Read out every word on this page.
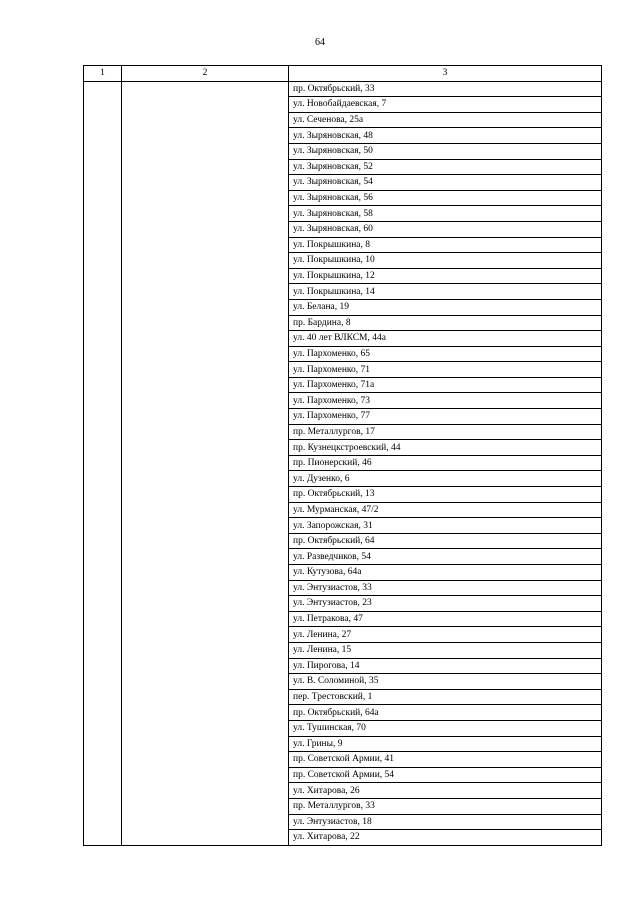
64
1	2	3
		пр. Октябрьский, 33
		ул. Новобайдаевская, 7
		ул. Сеченова, 25а
		ул. Зыряновская, 48
		ул. Зыряновская, 50
		ул. Зыряновская, 52
		ул. Зыряновская, 54
		ул. Зыряновская, 56
		ул. Зыряновская, 58
		ул. Зыряновская, 60
		ул. Покрышкина, 8
		ул. Покрышкина, 10
		ул. Покрышкина, 12
		ул. Покрышкина, 14
		ул. Белана, 19
		пр. Бардина, 8
		ул. 40 лет ВЛКСМ, 44а
		ул. Пархоменко, 65
		ул. Пархоменко, 71
		ул. Пархоменко, 71а
		ул. Пархоменко, 73
		ул. Пархоменко, 77
		пр. Металлургов, 17
		пр. Кузнецкстроевский, 44
		пр. Пионерский, 46
		ул. Дузенко, 6
		пр. Октябрьский, 13
		ул. Мурманская, 47/2
		ул. Запорожская, 31
		пр. Октябрьский, 64
		ул. Разведчиков, 54
		ул. Кутузова, 64а
		ул. Энтузиастов, 33
		ул. Энтузиастов, 23
		ул. Петракова, 47
		ул. Ленина, 27
		ул. Ленина, 15
		ул. Пирогова, 14
		ул. В. Соломиной, 35
		пер. Трестовский, 1
		пр. Октябрьский, 64а
		ул. Тушинская, 70
		ул. Грины, 9
		пр. Советской Армии, 41
		пр. Советской Армии, 54
		ул. Хитарова, 26
		пр. Металлургов, 33
		ул. Энтузиастов, 18
		ул. Хитарова, 22
